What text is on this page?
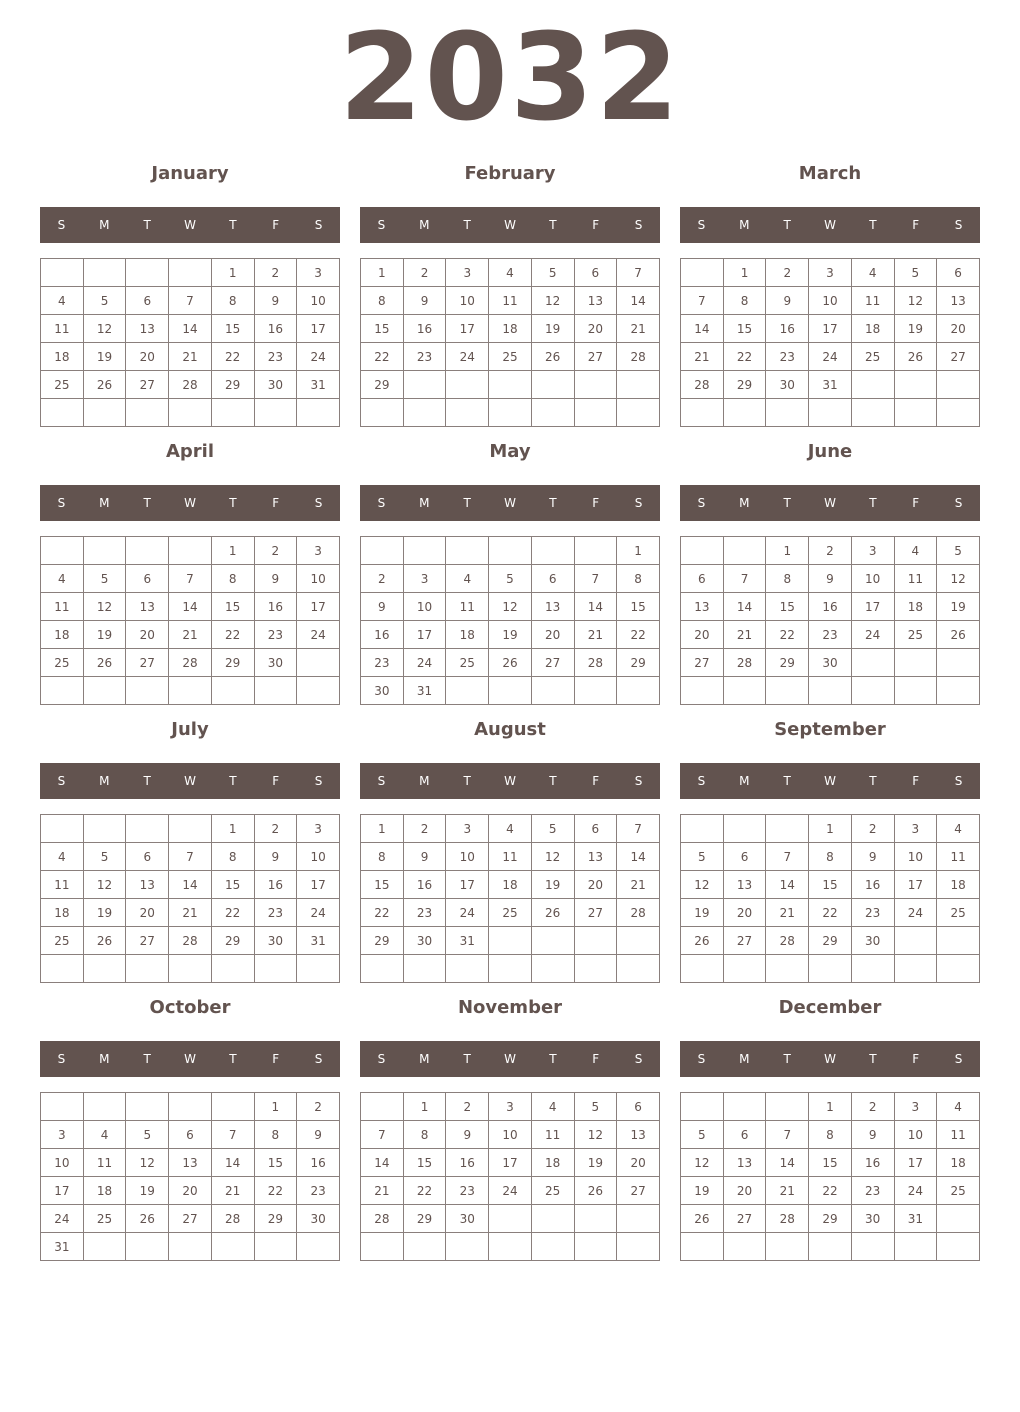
2032
January
S	M	T	W	T	F	S
				1	2	3
4	5	6	7	8	9	10
11	12	13	14	15	16	17
18	19	20	21	22	23	24
25	26	27	28	29	30	31

February
S	M	T	W	T	F	S
1	2	3	4	5	6	7
8	9	10	11	12	13	14
15	16	17	18	19	20	21
22	23	24	25	26	27	28
29						

March
S	M	T	W	T	F	S
	1	2	3	4	5	6
7	8	9	10	11	12	13
14	15	16	17	18	19	20
21	22	23	24	25	26	27
28	29	30	31			

April
S	M	T	W	T	F	S
				1	2	3
4	5	6	7	8	9	10
11	12	13	14	15	16	17
18	19	20	21	22	23	24
25	26	27	28	29	30	

May
S	M	T	W	T	F	S
						1
2	3	4	5	6	7	8
9	10	11	12	13	14	15
16	17	18	19	20	21	22
23	24	25	26	27	28	29
30	31					
June
S	M	T	W	T	F	S
		1	2	3	4	5
6	7	8	9	10	11	12
13	14	15	16	17	18	19
20	21	22	23	24	25	26
27	28	29	30			

July
S	M	T	W	T	F	S
				1	2	3
4	5	6	7	8	9	10
11	12	13	14	15	16	17
18	19	20	21	22	23	24
25	26	27	28	29	30	31

August
S	M	T	W	T	F	S
1	2	3	4	5	6	7
8	9	10	11	12	13	14
15	16	17	18	19	20	21
22	23	24	25	26	27	28
29	30	31				

September
S	M	T	W	T	F	S
			1	2	3	4
5	6	7	8	9	10	11
12	13	14	15	16	17	18
19	20	21	22	23	24	25
26	27	28	29	30		

October
S	M	T	W	T	F	S
					1	2
3	4	5	6	7	8	9
10	11	12	13	14	15	16
17	18	19	20	21	22	23
24	25	26	27	28	29	30
31						
November
S	M	T	W	T	F	S
	1	2	3	4	5	6
7	8	9	10	11	12	13
14	15	16	17	18	19	20
21	22	23	24	25	26	27
28	29	30				

December
S	M	T	W	T	F	S
			1	2	3	4
5	6	7	8	9	10	11
12	13	14	15	16	17	18
19	20	21	22	23	24	25
26	27	28	29	30	31	
